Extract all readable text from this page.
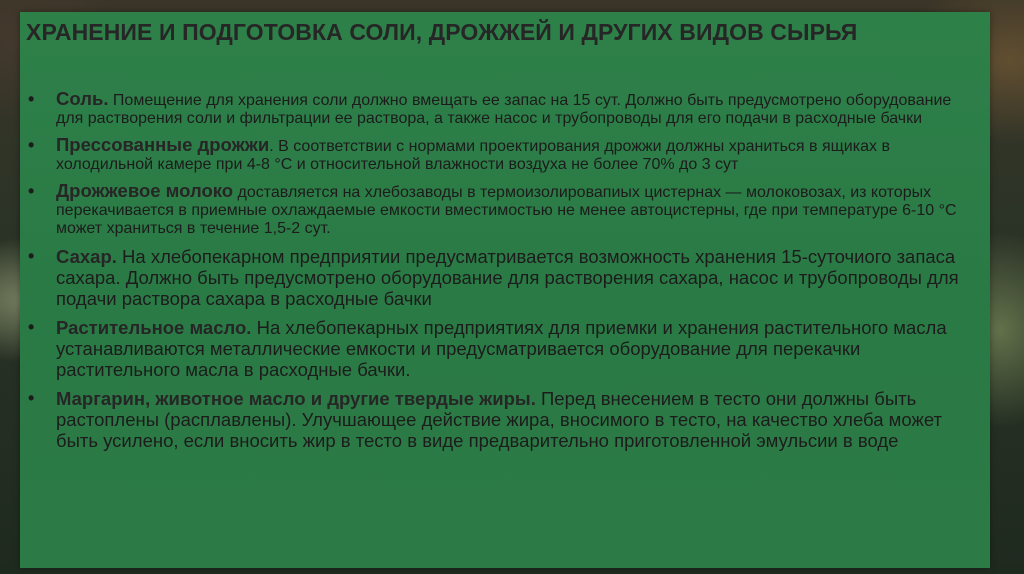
ХРАНЕНИЕ И ПОДГОТОВКА СОЛИ, ДРОЖЖЕЙ И ДРУГИХ ВИДОВ СЫРЬЯ
• Соль. Помещение для хранения соли должно вмещать ее запас на 15 сут. Должно быть предусмотрено оборудование для растворения соли и фильтрации ее раствора, а также насос и трубопроводы для его подачи в расходные бачки
• Прессованные дрожжи. В соответствии с нормами проектирования дрожжи должны храниться в ящиках в холодильной камере при 4-8 °С и относительной влажности воздуха не более 70% до 3 сут
• Дрожжевое молоко доставляется на хлебозаводы в термоизолировапиых цистернах — молоковозах, из которых перекачивается в приемные охлаждаемые емкости вместимостью не менее автоцистерны, где при температуре 6-10 °С может храниться в течение 1,5-2 сут.
• Сахар. На хлебопекарном предприятии предусматривается возможность хранения 15-суточиого запаса сахара. Должно быть предусмотрено оборудование для растворения сахара, насос и трубопроводы для подачи раствора сахара в расходные бачки
• Растительное масло. На хлебопекарных предприятиях для приемки и хранения растительного масла устанавливаются металлические емкости и предусматривается оборудование для перекачки растительного масла в расходные бачки.
• Маргарин, животное масло и другие твердые жиры. Перед внесением в тесто они должны быть растоплены (расплавлены). Улучшающее действие жира, вносимого в тесто, на качество хлеба может быть усилено, если вносить жир в тесто в виде предварительно приготовленной эмульсии в воде
